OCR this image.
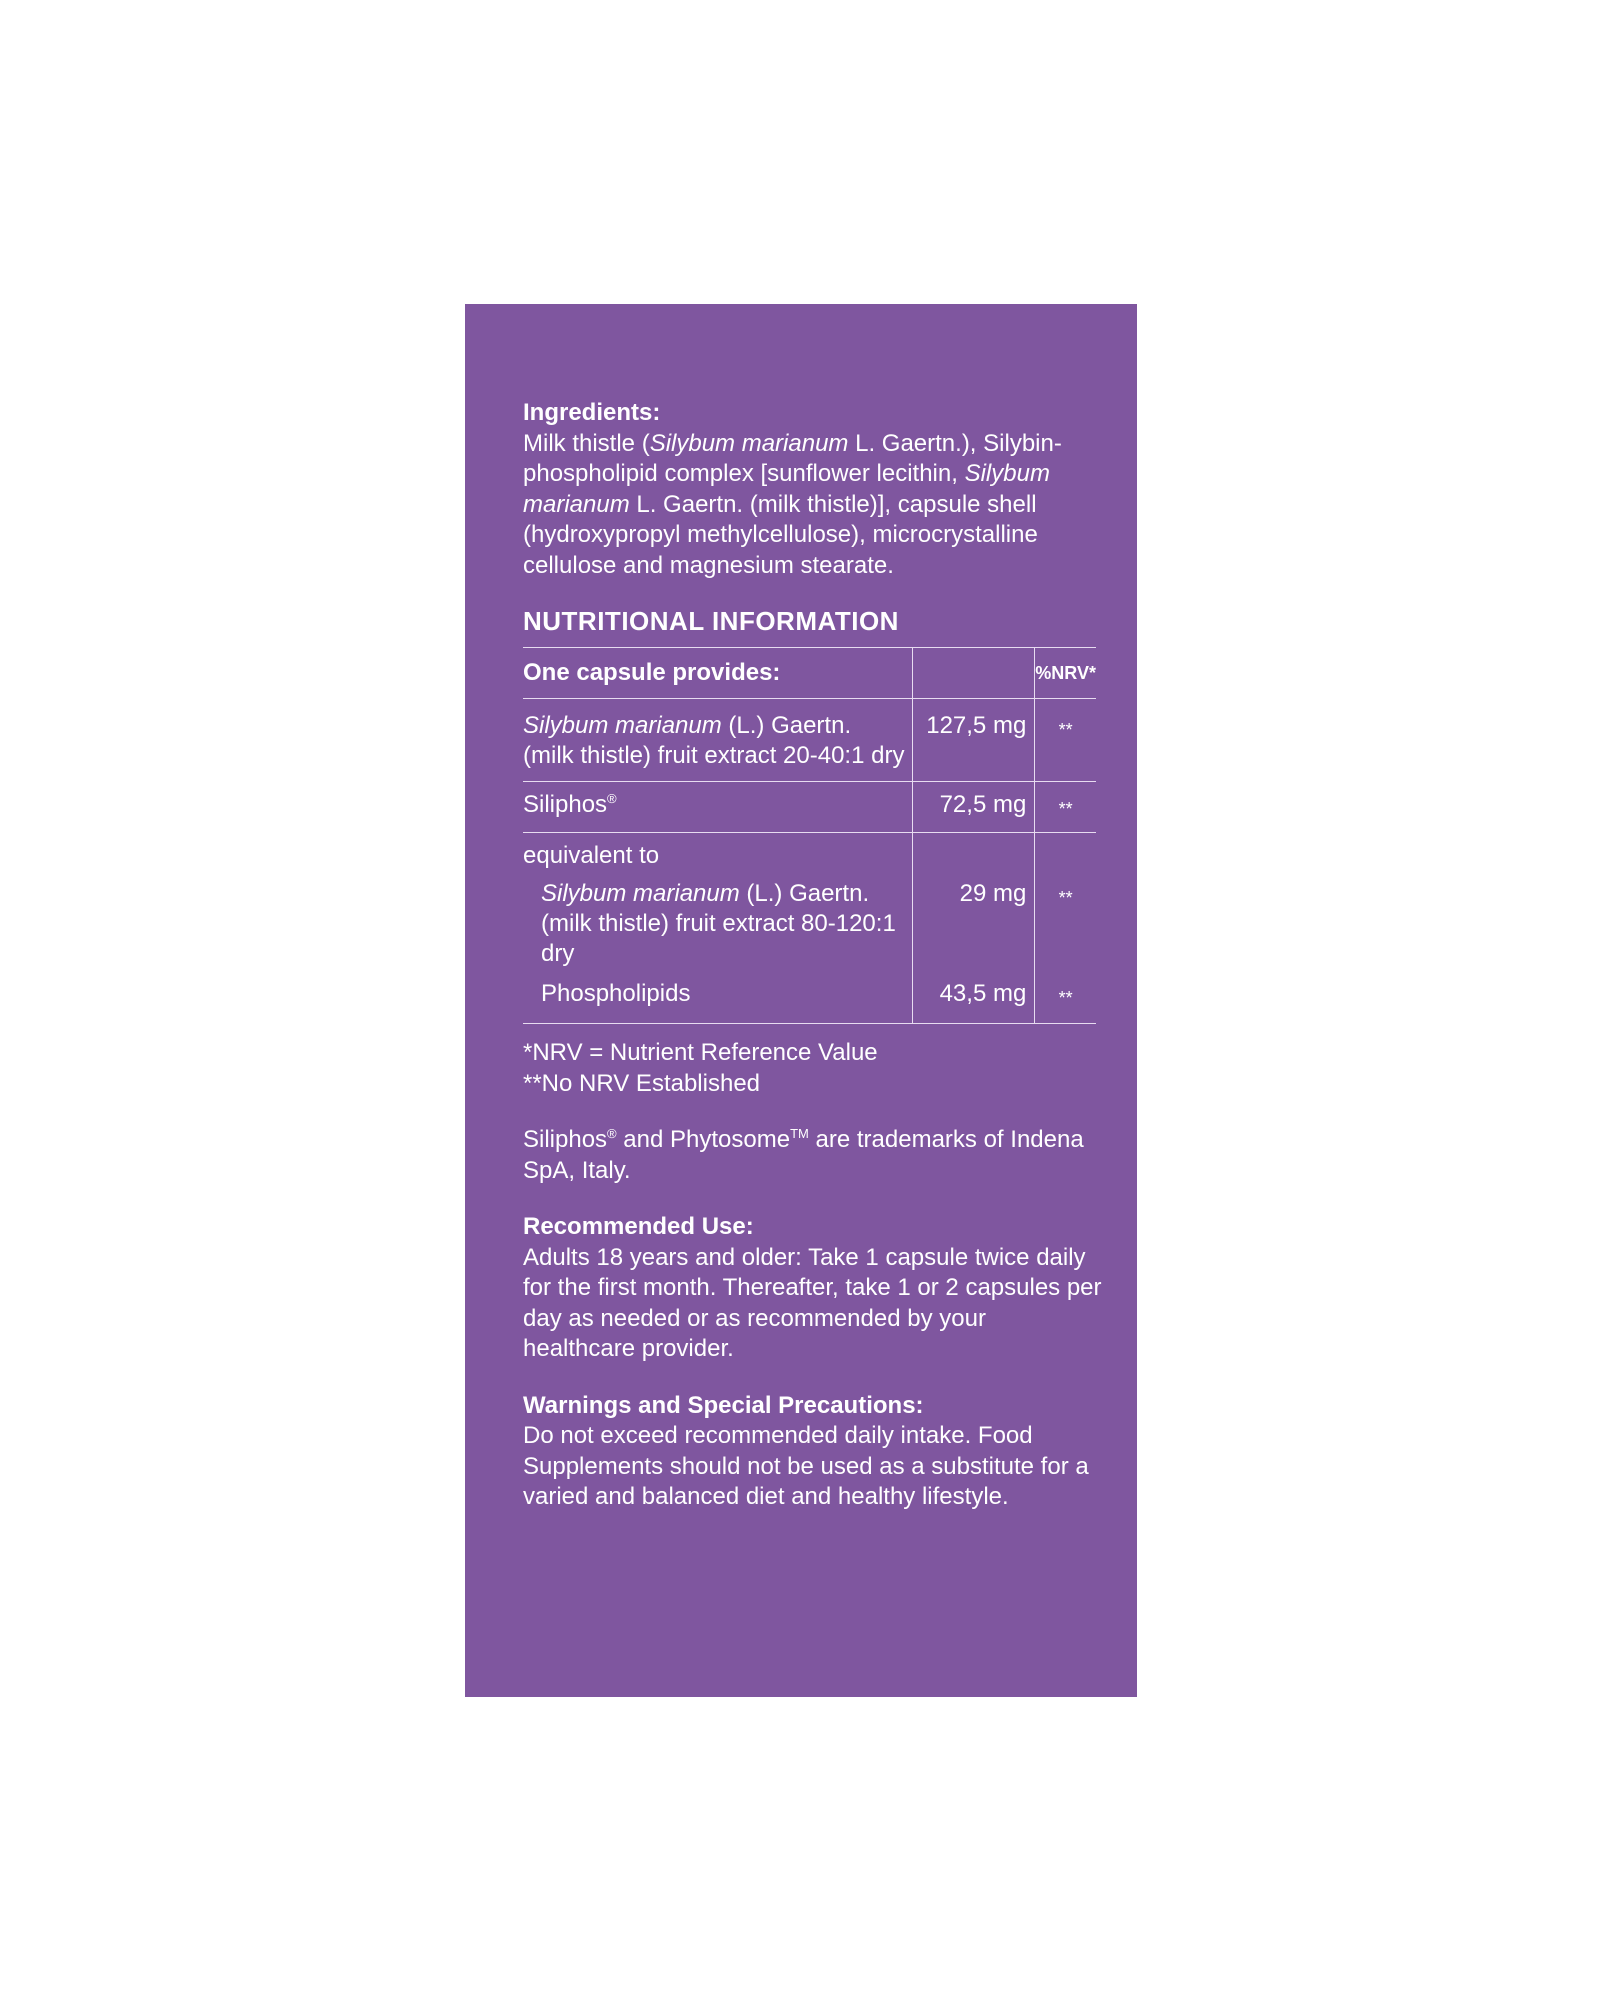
Ingredients:
Milk thistle (Silybum marianum L. Gaertn.), Silybin-phospholipid complex [sunflower lecithin, Silybum marianum L. Gaertn. (milk thistle)], capsule shell (hydroxypropyl methylcellulose), microcrystalline cellulose and magnesium stearate.

NUTRITIONAL INFORMATION
One capsule provides:		%NRV*
Silybum marianum (L.) Gaertn. (milk thistle) fruit extract 20-40:1 dry	127,5 mg	**

Siliphos®	72,5 mg	**

equivalent to		
Silybum marianum (L.) Gaertn. (milk thistle) fruit extract 80-120:1 dry	29 mg	**

Phospholipids	43,5 mg	**

*NRV = Nutrient Reference Value
**No NRV Established

Siliphos® and Phytosome™ are trademarks of Indena SpA, Italy.

Recommended Use:
Adults 18 years and older: Take 1 capsule twice daily for the first month. Thereafter, take 1 or 2 capsules per day as needed or as recommended by your healthcare provider.

Warnings and Special Precautions:
Do not exceed recommended daily intake. Food Supplements should not be used as a substitute for a varied and balanced diet and healthy lifestyle.
